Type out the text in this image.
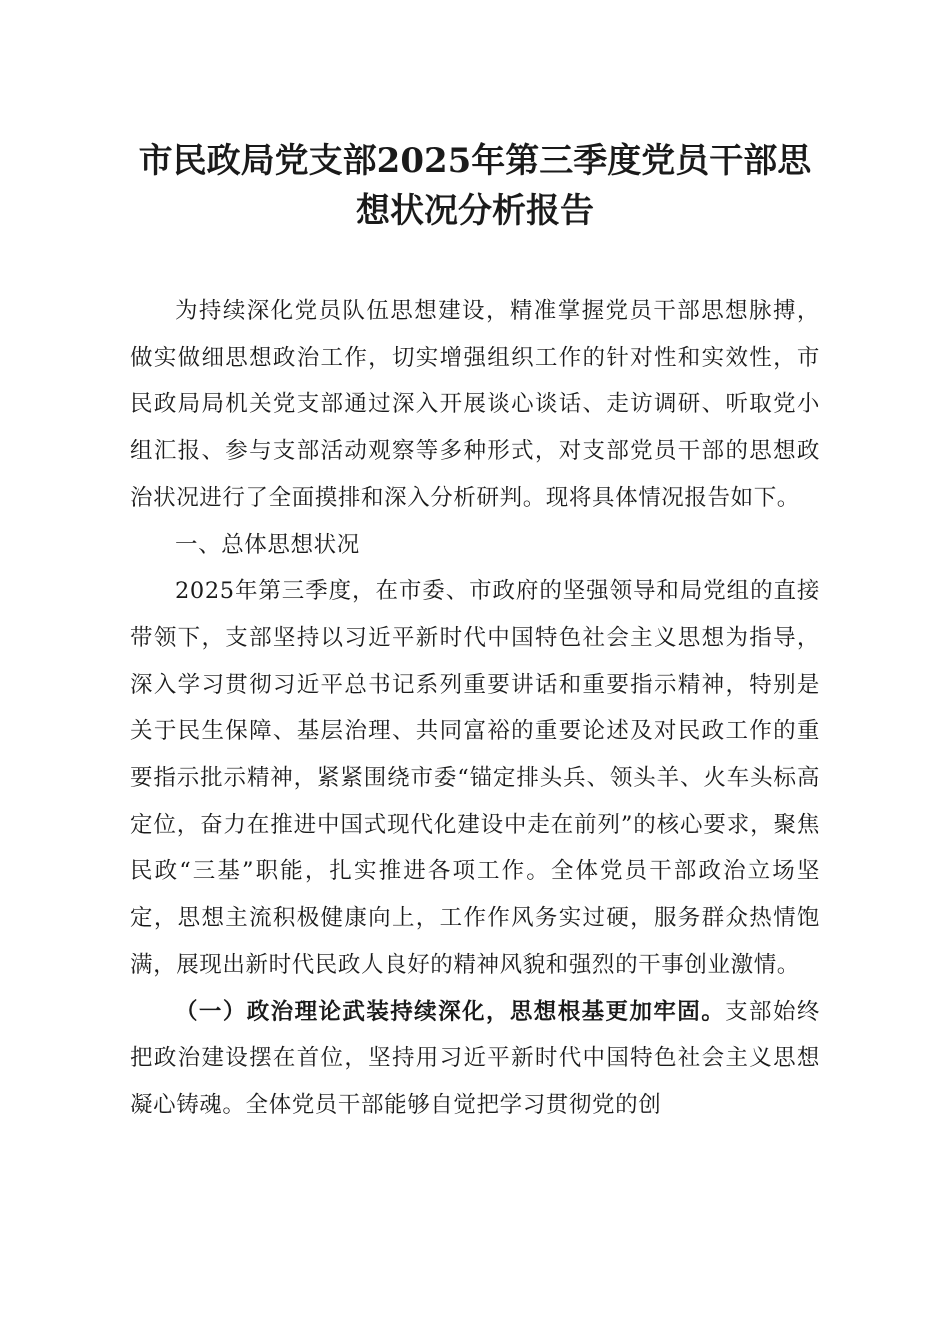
市民政局党支部2025年第三季度党员干部思想状况分析报告

为持续深化党员队伍思想建设，精准掌握党员干部思想脉搏，做实做细思想政治工作，切实增强组织工作的针对性和实效性，市民政局局机关党支部通过深入开展谈心谈话、走访调研、听取党小组汇报、参与支部活动观察等多种形式，对支部党员干部的思想政治状况进行了全面摸排和深入分析研判。现将具体情况报告如下。

一、总体思想状况

2025年第三季度，在市委、市政府的坚强领导和局党组的直接带领下，支部坚持以习近平新时代中国特色社会主义思想为指导，深入学习贯彻习近平总书记系列重要讲话和重要指示精神，特别是关于民生保障、基层治理、共同富裕的重要论述及对民政工作的重要指示批示精神，紧紧围绕市委“锚定排头兵、领头羊、火车头标高定位，奋力在推进中国式现代化建设中走在前列”的核心要求，聚焦民政“三基”职能，扎实推进各项工作。全体党员干部政治立场坚定，思想主流积极健康向上，工作作风务实过硬，服务群众热情饱满，展现出新时代民政人良好的精神风貌和强烈的干事创业激情。

（一）政治理论武装持续深化，思想根基更加牢固。支部始终把政治建设摆在首位，坚持用习近平新时代中国特色社会主义思想凝心铸魂。全体党员干部能够自觉把学习贯彻党的创
